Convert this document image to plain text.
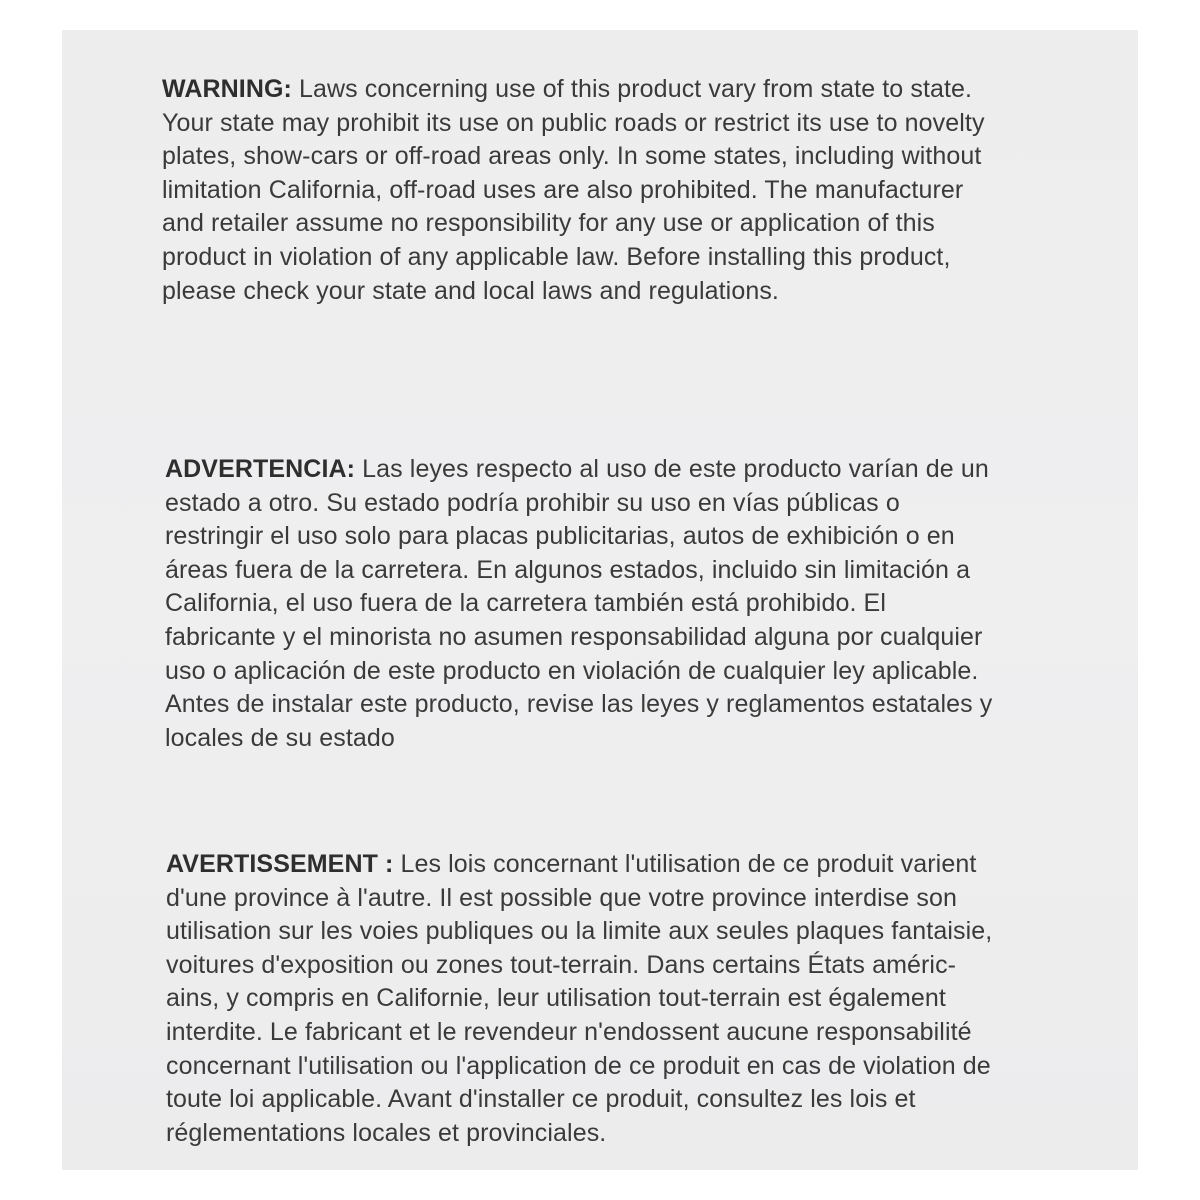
WARNING: Laws concerning use of this product vary from state to state.
Your state may prohibit its use on public roads or restrict its use to novelty
plates, show-cars or off-road areas only. In some states, including without
limitation California, off-road uses are also prohibited. The manufacturer
and retailer assume no responsibility for any use or application of this
product in violation of any applicable law. Before installing this product,
please check your state and local laws and regulations.
ADVERTENCIA: Las leyes respecto al uso de este producto varían de un
estado a otro. Su estado podría prohibir su uso en vías públicas o
restringir el uso solo para placas publicitarias, autos de exhibición o en
áreas fuera de la carretera. En algunos estados, incluido sin limitación a
California, el uso fuera de la carretera también está prohibido. El
fabricante y el minorista no asumen responsabilidad alguna por cualquier
uso o aplicación de este producto en violación de cualquier ley aplicable.
Antes de instalar este producto, revise las leyes y reglamentos estatales y
locales de su estado
AVERTISSEMENT : Les lois concernant l'utilisation de ce produit varient
d'une province à l'autre. Il est possible que votre province interdise son
utilisation sur les voies publiques ou la limite aux seules plaques fantaisie,
voitures d'exposition ou zones tout-terrain. Dans certains États améric-
ains, y compris en Californie, leur utilisation tout-terrain est également
interdite. Le fabricant et le revendeur n'endossent aucune responsabilité
concernant l'utilisation ou l'application de ce produit en cas de violation de
toute loi applicable. Avant d'installer ce produit, consultez les lois et
réglementations locales et provinciales.
